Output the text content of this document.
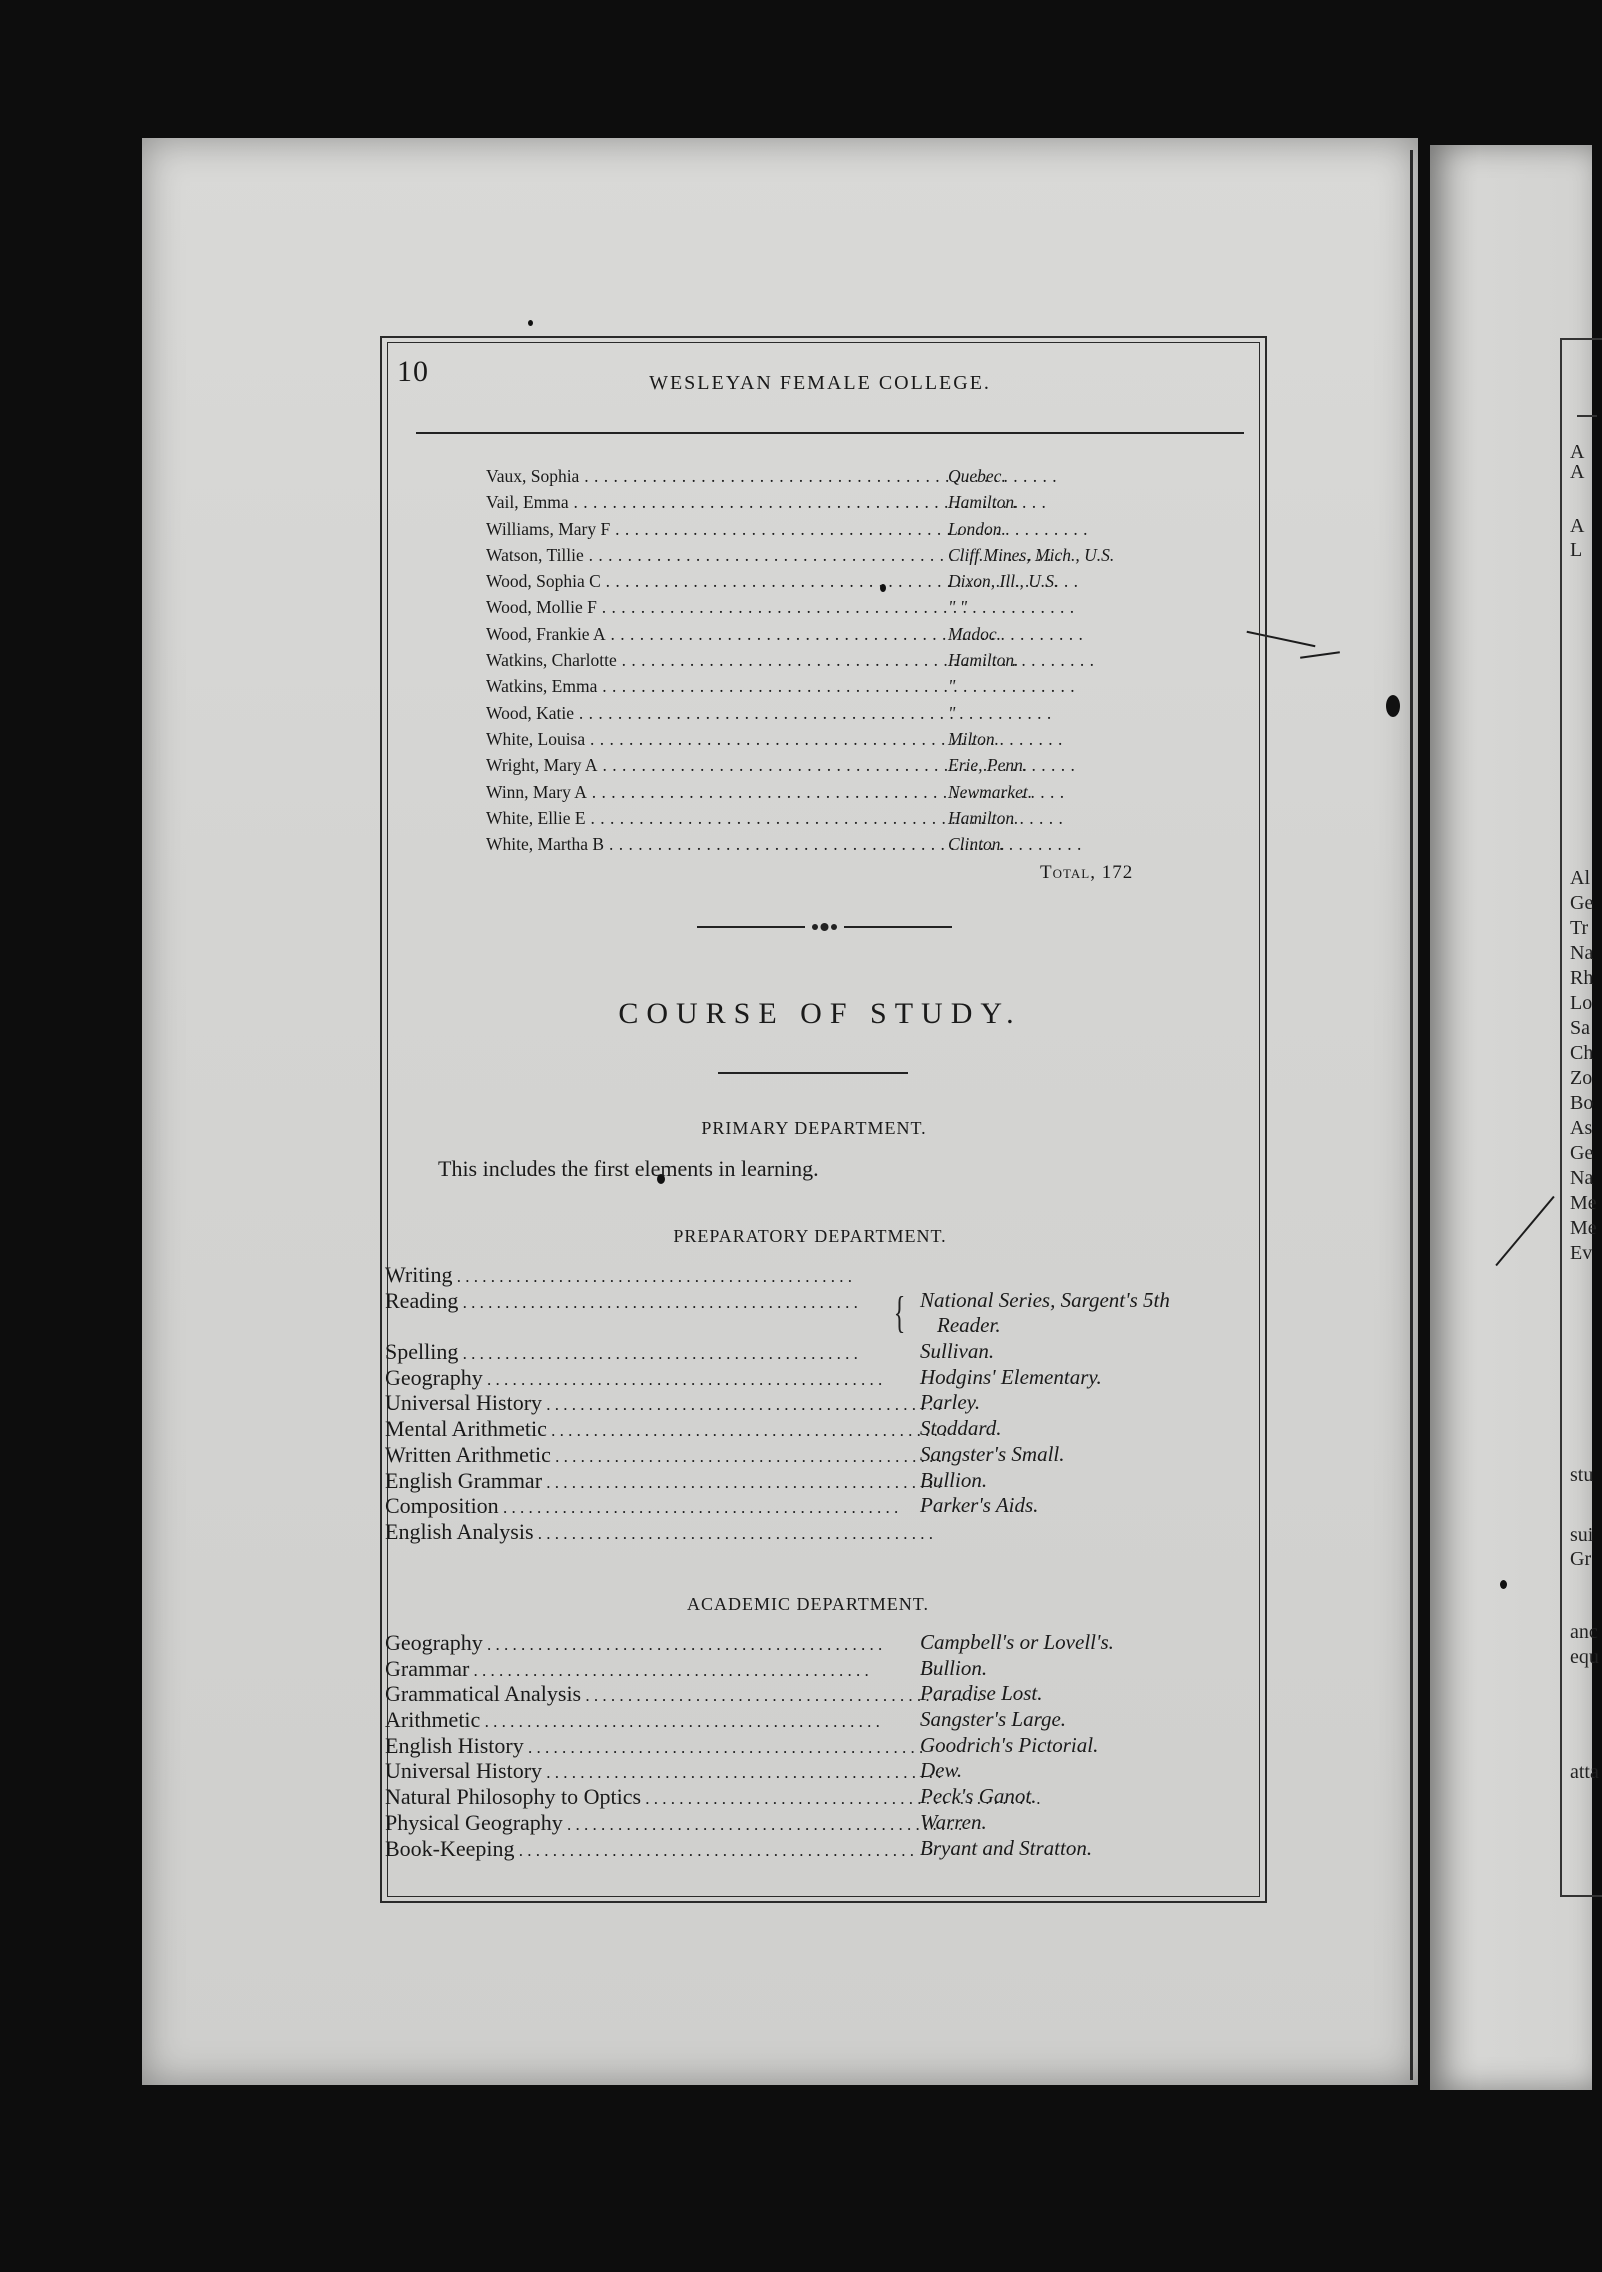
A
A
A
L
Al
Ge
Tr
Na
Rh
Lo
Sa
Ch
Zo
Bo
As
Ge
Na
Me
Me
Ev
stu
sui
Gr
anc
equ
atta
10	WESLEYAN FEMALE COLLEGE.
Vaux, Sophia . . .	Quebec.
Vail, Emma . . .	Hamilton.
Williams, Mary F . . .	London.
Watson, Tillie . . .	Cliff Mines, Mich., U.S.
Wood, Sophia C . . .	Dixon, Ill., U.S.
Wood, Mollie F . . .	" "
Wood, Frankie A . . .	Madoc.
Watkins, Charlotte . . .	Hamilton.
Watkins, Emma . . .	"
Wood, Katie . . .	"
White, Louisa . . .	Milton.
Wright, Mary A . . .	Erie, Penn.
Winn, Mary A . . .	Newmarket.
White, Ellie E . . .	Hamilton.
White, Martha B . . .	Clinton.
Total, 172
COURSE OF STUDY.
PRIMARY DEPARTMENT.
This includes the first elements in learning.
PREPARATORY DEPARTMENT.
Writing . . .
Reading . . .	National Series, Sargent's 5th
Reader.
Spelling . . .	Sullivan.
Geography . . .	Hodgins' Elementary.
Universal History . . .	Parley.
Mental Arithmetic . . .	Stoddard.
Written Arithmetic . . .	Sangster's Small.
English Grammar . . .	Bullion.
Composition . . .	Parker's Aids.
English Analysis . . .
{
ACADEMIC DEPARTMENT.
Geography . . .	Campbell's or Lovell's.
Grammar . . .	Bullion.
Grammatical Analysis . . .	Paradise Lost.
Arithmetic . . .	Sangster's Large.
English History . . .	Goodrich's Pictorial.
Universal History . . .	Dew.
Natural Philosophy to Optics . . .	Peck's Ganot.
Physical Geography . . .	Warren.
Book-Keeping . . .	Bryant and Stratton.
